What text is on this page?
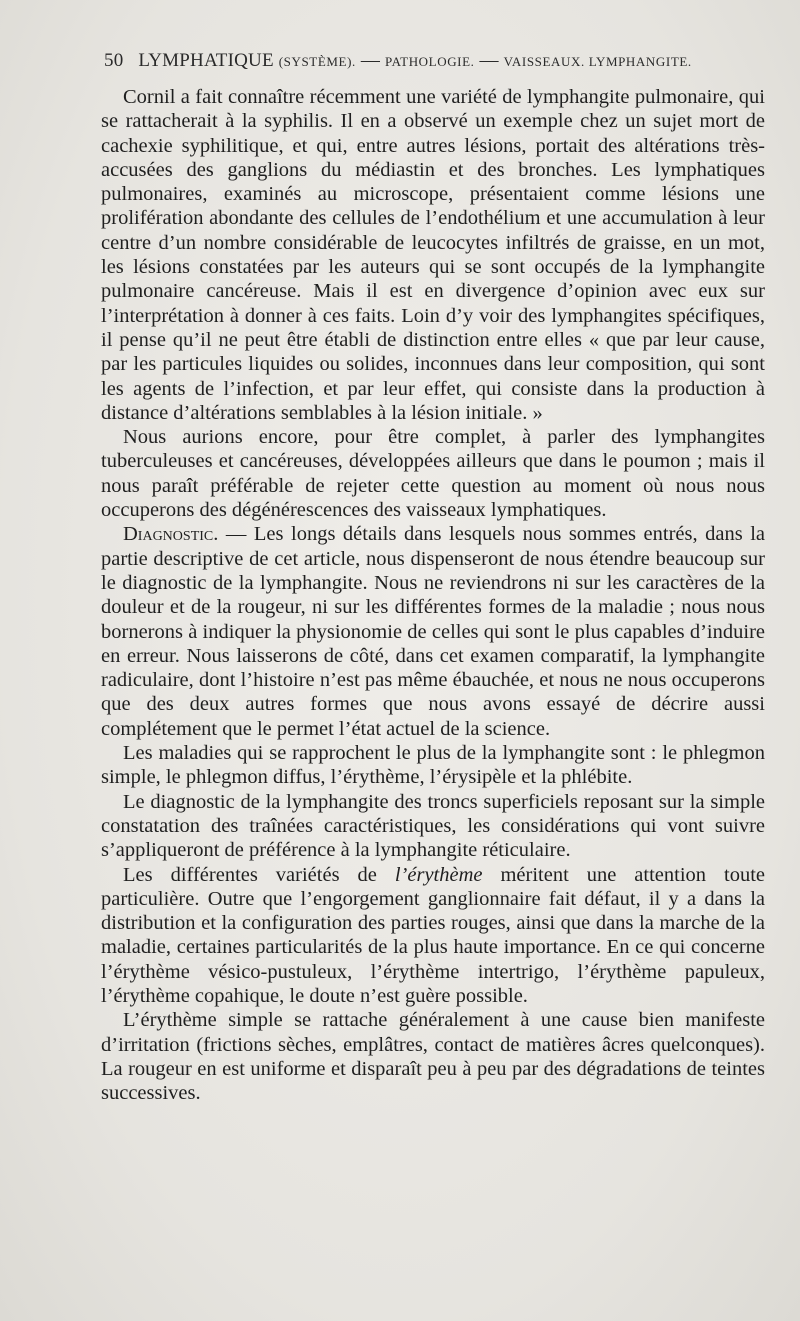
50 LYMPHATIQUE (SYSTÈME). — PATHOLOGIE. — VAISSEAUX. LYMPHANGITE.

Cornil a fait connaître récemment une variété de lymphangite pulmonaire, qui se rattacherait à la syphilis. Il en a observé un exemple chez un sujet mort de cachexie syphilitique, et qui, entre autres lésions, portait des altérations très-accusées des ganglions du médiastin et des bronches. Les lymphatiques pulmonaires, examinés au microscope, présentaient comme lésions une prolifération abondante des cellules de l’endothélium et une accumulation à leur centre d’un nombre considérable de leucocytes infiltrés de graisse, en un mot, les lésions constatées par les auteurs qui se sont occupés de la lymphangite pulmonaire cancéreuse. Mais il est en divergence d’opinion avec eux sur l’interprétation à donner à ces faits. Loin d’y voir des lymphangites spécifiques, il pense qu’il ne peut être établi de distinction entre elles « que par leur cause, par les particules liquides ou solides, inconnues dans leur composition, qui sont les agents de l’infection, et par leur effet, qui consiste dans la production à distance d’altérations semblables à la lésion initiale. »

Nous aurions encore, pour être complet, à parler des lymphangites tuberculeuses et cancéreuses, développées ailleurs que dans le poumon ; mais il nous paraît préférable de rejeter cette question au moment où nous nous occuperons des dégénérescences des vaisseaux lymphatiques.

Diagnostic. — Les longs détails dans lesquels nous sommes entrés, dans la partie descriptive de cet article, nous dispenseront de nous étendre beaucoup sur le diagnostic de la lymphangite. Nous ne reviendrons ni sur les caractères de la douleur et de la rougeur, ni sur les différentes formes de la maladie ; nous nous bornerons à indiquer la physionomie de celles qui sont le plus capables d’induire en erreur. Nous laisserons de côté, dans cet examen comparatif, la lymphangite radiculaire, dont l’histoire n’est pas même ébauchée, et nous ne nous occuperons que des deux autres formes que nous avons essayé de décrire aussi complétement que le permet l’état actuel de la science.

Les maladies qui se rapprochent le plus de la lymphangite sont : le phlegmon simple, le phlegmon diffus, l’érythème, l’érysipèle et la phlébite.

Le diagnostic de la lymphangite des troncs superficiels reposant sur la simple constatation des traînées caractéristiques, les considérations qui vont suivre s’appliqueront de préférence à la lymphangite réticulaire.

Les différentes variétés de l’érythème méritent une attention toute particulière. Outre que l’engorgement ganglionnaire fait défaut, il y a dans la distribution et la configuration des parties rouges, ainsi que dans la marche de la maladie, certaines particularités de la plus haute importance. En ce qui concerne l’érythème vésico-pustuleux, l’érythème intertrigo, l’érythème papuleux, l’érythème copahique, le doute n’est guère possible.

L’érythème simple se rattache généralement à une cause bien manifeste d’irritation (frictions sèches, emplâtres, contact de matières âcres quelconques). La rougeur en est uniforme et disparaît peu à peu par des dégradations de teintes successives.
